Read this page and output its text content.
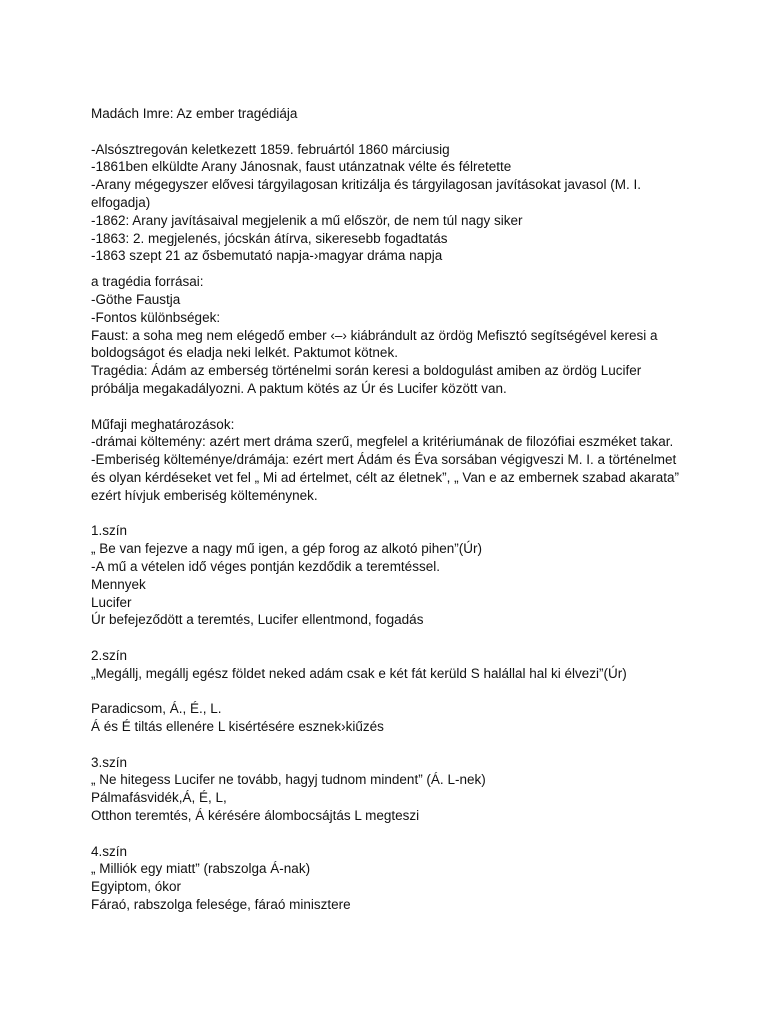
Madách Imre: Az ember tragédiája
-Alsósztregován keletkezett 1859. februártól 1860 márciusig
-1861ben elküldte Arany Jánosnak, faust utánzatnak vélte és félretette
-Arany mégegyszer elővesi tárgyilagosan kritizálja és tárgyilagosan javításokat javasol (M. I. elfogadja)
-1862: Arany javításaival megjelenik a mű először, de nem túl nagy siker
-1863: 2. megjelenés, jócskán átírva, sikeresebb fogadtatás
-1863 szept 21 az ősbemutató napja-›magyar dráma napja
a tragédia forrásai:
-Göthe Faustja
-Fontos különbségek:
Faust: a soha meg nem elégedő ember ‹–› kiábrándult az ördög Mefisztó segítségével keresi a boldogságot és eladja neki lelkét. Paktumot kötnek.
Tragédia: Ádám az emberség történelmi során keresi a boldogulást amiben az ördög Lucifer próbálja megakadályozni. A paktum kötés az Úr és Lucifer között van.
Műfaji meghatározások:
-drámai költemény: azért mert dráma szerű, megfelel a kritériumának de filozófiai eszméket takar.
-Emberiség költeménye/drámája: ezért mert Ádám és Éva sorsában végigveszi M. I. a történelmet és olyan kérdéseket vet fel „ Mi ad értelmet, célt az életnek”, „ Van e az embernek szabad akarata” ezért hívjuk emberiség költeménynek.
1.szín
„ Be van fejezve a nagy mű igen, a gép forog az alkotó pihen”(Úr)
-A mű a vételen idő véges pontján kezdődik a teremtéssel.
Mennyek
Lucifer
Úr befejeződött a teremtés, Lucifer ellentmond, fogadás
2.szín
„Megállj, megállj egész földet neked adám csak e két fát kerüld S halállal hal ki élvezi”(Úr)
Paradicsom, Á., É., L.
Á és É tiltás ellenére L kisértésére esznek›kiűzés
3.szín
„ Ne hitegess Lucifer ne tovább, hagyj tudnom mindent” (Á. L-nek)
Pálmafásvidék,Á, É, L,
Otthon teremtés, Á kérésére álombocsájtás L megteszi
4.szín
„ Milliók egy miatt” (rabszolga Á-nak)
Egyiptom, ókor
Fáraó, rabszolga felesége, fáraó minisztere
